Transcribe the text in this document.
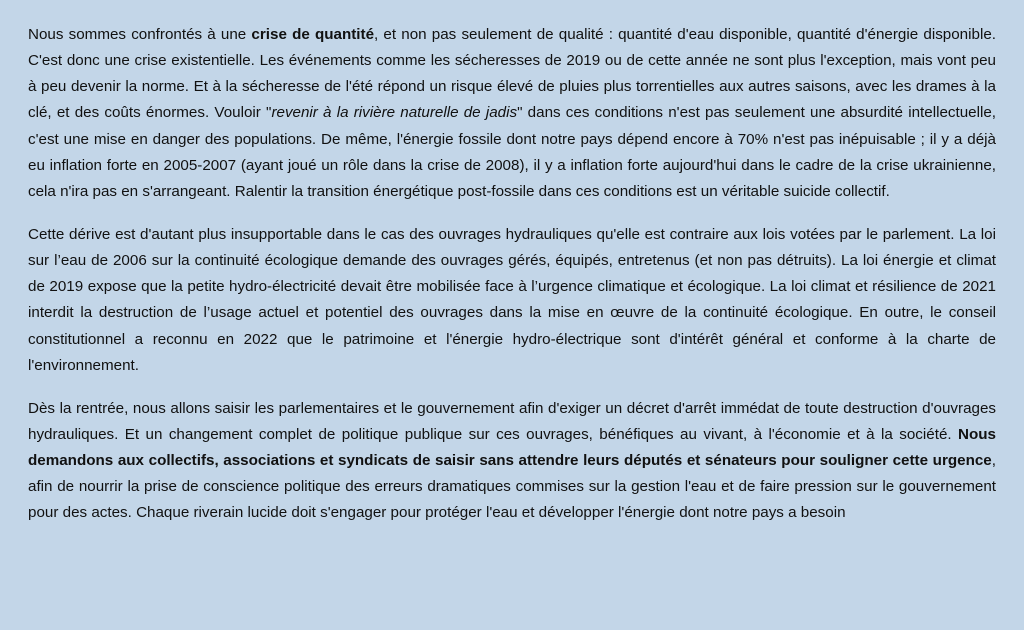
Nous sommes confrontés à une crise de quantité, et non pas seulement de qualité : quantité d'eau disponible, quantité d'énergie disponible. C'est donc une crise existentielle. Les événements comme les sécheresses de 2019 ou de cette année ne sont plus l'exception, mais vont peu à peu devenir la norme. Et à la sécheresse de l'été répond un risque élevé de pluies plus torrentielles aux autres saisons, avec les drames à la clé, et des coûts énormes. Vouloir "revenir à la rivière naturelle de jadis" dans ces conditions n'est pas seulement une absurdité intellectuelle, c'est une mise en danger des populations. De même, l'énergie fossile dont notre pays dépend encore à 70% n'est pas inépuisable ; il y a déjà eu inflation forte en 2005-2007 (ayant joué un rôle dans la crise de 2008), il y a inflation forte aujourd'hui dans le cadre de la crise ukrainienne, cela n'ira pas en s'arrangeant. Ralentir la transition énergétique post-fossile dans ces conditions est un véritable suicide collectif.

Cette dérive est d'autant plus insupportable dans le cas des ouvrages hydrauliques qu'elle est contraire aux lois votées par le parlement. La loi sur l’eau de 2006 sur la continuité écologique demande des ouvrages gérés, équipés, entretenus (et non pas détruits). La loi énergie et climat de 2019 expose que la petite hydro-électricité devait être mobilisée face à l’urgence climatique et écologique. La loi climat et résilience de 2021 interdit la destruction de l’usage actuel et potentiel des ouvrages dans la mise en œuvre de la continuité écologique. En outre, le conseil constitutionnel a reconnu en 2022 que le patrimoine et l'énergie hydro-électrique sont d'intérêt général et conforme à la charte de l'environnement.

Dès la rentrée, nous allons saisir les parlementaires et le gouvernement afin d'exiger un décret d'arrêt immédat de toute destruction d'ouvrages hydrauliques. Et un changement complet de politique publique sur ces ouvrages, bénéfiques au vivant, à l'économie et à la société. Nous demandons aux collectifs, associations et syndicats de saisir sans attendre leurs députés et sénateurs pour souligner cette urgence, afin de nourrir la prise de conscience politique des erreurs dramatiques commises sur la gestion l'eau et de faire pression sur le gouvernement pour des actes. Chaque riverain lucide doit s'engager pour protéger l'eau et développer l'énergie dont notre pays a besoin
